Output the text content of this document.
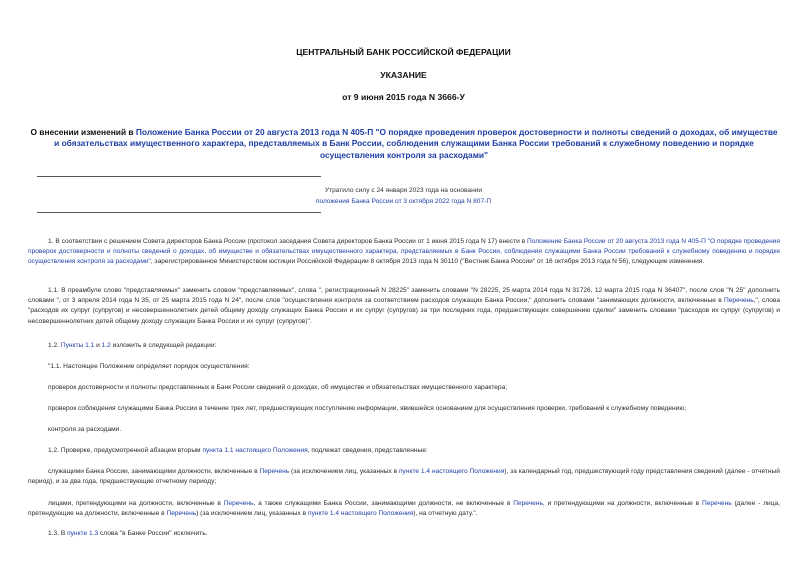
ЦЕНТРАЛЬНЫЙ БАНК РОССИЙСКОЙ ФЕДЕРАЦИИ
УКАЗАНИЕ
от 9 июня 2015 года N 3666-У
О внесении изменений в Положение Банка России от 20 августа 2013 года N 405-П "О порядке проведения проверок достоверности и полноты сведений о доходах, об имуществе и обязательствах имущественного характера, представляемых в Банк России, соблюдения служащими Банка России требований к служебному поведению и порядке осуществления контроля за расходами"
Утратило силу с 24 января 2023 года на основании
положения Банка России от 3 октября 2022 года N 807-П
1. В соответствии с решением Совета директоров Банка России (протокол заседания Совета директоров Банка России от 1 июня 2015 года N 17) внести в Положение Банка России от 20 августа 2013 года N 405-П "О порядке проведения проверок достоверности и полноты сведений о доходах, об имуществе и обязательствах имущественного характера, представляемых в Банк России, соблюдения служащими Банка России требований к служебному поведению и порядке осуществления контроля за расходами", зарегистрированное Министерством юстиции Российской Федерации 8 октября 2013 года N 30110 ("Вестник Банка России" от 16 октября 2013 года N 56), следующие изменения.
1.1. В преамбуле слово "представляемых" заменить словом "представляемых", слова ", регистрационный N 28225" заменить словами "N 28225, 25 марта 2014 года N 31726, 12 марта 2015 года N 36407", после слов "N 25" дополнить словами ", от 3 апреля 2014 года N 35, от 25 марта 2015 года N 24", после слов "осуществления контроля за соответствием расходов служащих Банка России," дополнить словами "занимающих должности, включенные в Перечень,", слова "расходов их супруг (супругов) и несовершеннолетних детей общему доходу служащих Банка России и их супруг (супругов) за три последних года, предшествующих совершению сделки" заменить словами "расходов их супруг (супругов) и несовершеннолетних детей общему доходу служащих Банка России и их супруг (супругов)".
1.2. Пункты 1.1 и 1.2 изложить в следующей редакции:
"1.1. Настоящее Положение определяет порядок осуществления:
проверок достоверности и полноты представленных в Банк России сведений о доходах, об имуществе и обязательствах имущественного характера;
проверок соблюдения служащими Банка России в течение трех лет, предшествующих поступлению информации, явившейся основанием для осуществления проверки, требований к служебному поведению;
контроля за расходами.
1.2. Проверке, предусмотренной абзацем вторым пункта 1.1 настоящего Положения, подлежат сведения, представленные:
служащими Банка России, занимающими должности, включенные в Перечень (за исключением лиц, указанных в пункте 1.4 настоящего Положения), за календарный год, предшествующий году представления сведений (далее - отчетный период), и за два года, предшествующие отчетному периоду;
лицами, претендующими на должности, включенные в Перечень, а также служащими Банка России, занимающими должности, не включенные в Перечень, и претендующими на должности, включенные в Перечень (далее - лица, претендующие на должности, включенные в Перечень) (за исключением лиц, указанных в пункте 1.4 настоящего Положения), на отчетную дату.".
1.3. В пункте 1.3 слова "в Банке России" исключить.
